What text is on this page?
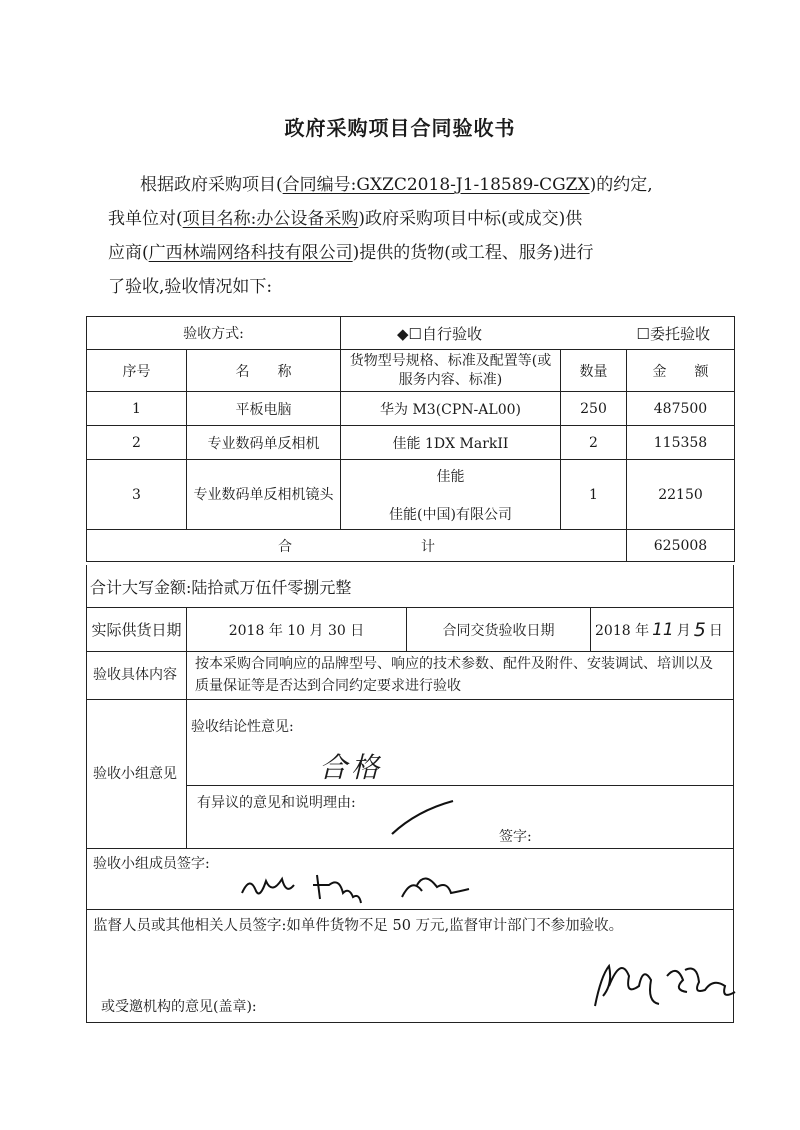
政府采购项目合同验收书
根据政府采购项目(合同编号:GXZC2018-J1-18589-CGZX)的约定,
我单位对(项目名称:办公设备采购)政府采购项目中标(或成交)供
应商(广西林端网络科技有限公司)提供的货物(或工程、服务)进行
了验收,验收情况如下:
验收方式:		◆☐自行验收 ☐委托验收		

序号	名　　称	货物型号规格、标准及配置等(或服务内容、标准)	数量	金　　额
1	平板电脑	华为 M3(CPN-AL00)	250	487500
2	专业数码单反相机	佳能 1DX MarkII	2	115358
3	专业数码单反相机镜头	佳能
佳能(中国)有限公司	1	22150
合 计				625008
合计大写金额:陆拾贰万伍仟零捌元整
实际供货日期	2018 年 10 月 30 日	合同交货验收日期	2018 年 11 月 5 日
验收具体内容
按本采购合同响应的品牌型号、响应的技术参数、配件及附件、安装调试、培训以及质量保证等是否达到合同约定要求进行验收
验收小组意见
验收结论性意见:
合格
有异议的意见和说明理由:
签字:
验收小组成员签字:
监督人员或其他相关人员签字:如单件货物不足 50 万元,监督审计部门不参加验收。
或受邀机构的意见(盖章):
